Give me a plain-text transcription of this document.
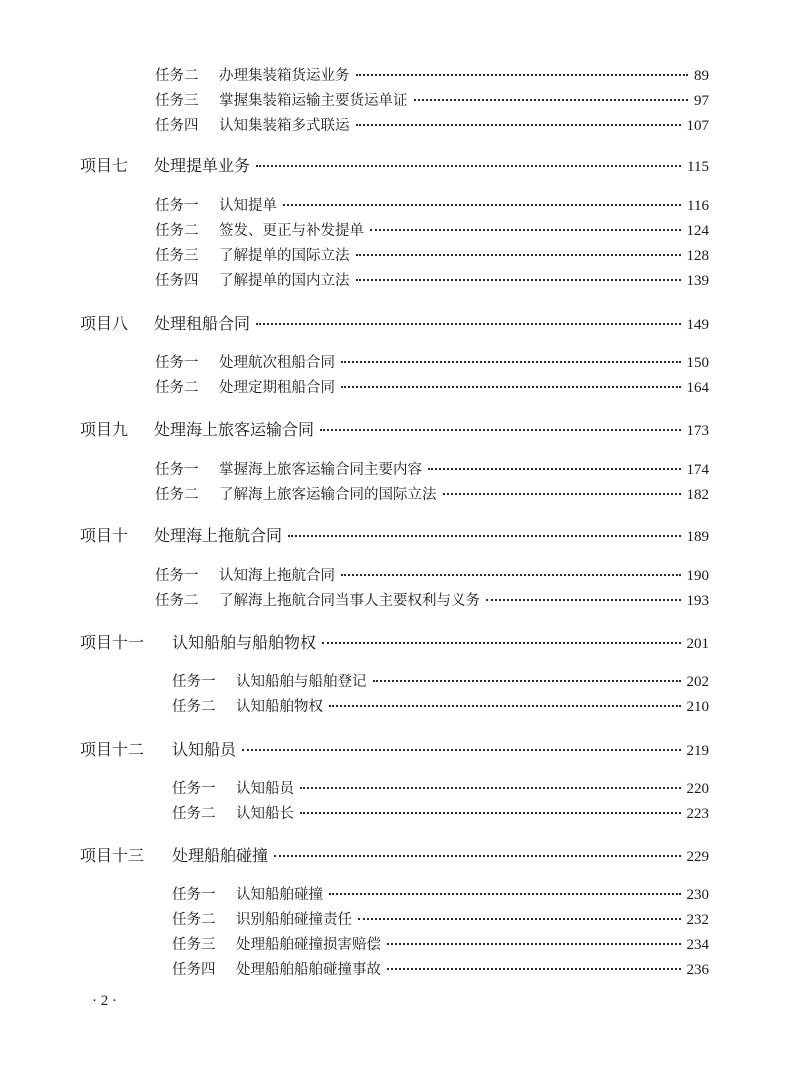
任务二	办理集装箱货运业务	89
任务三	掌握集装箱运输主要货运单证	97
任务四	认知集装箱多式联运	107
项目七	处理提单业务	115
任务一	认知提单	116
任务二	签发、更正与补发提单	124
任务三	了解提单的国际立法	128
任务四	了解提单的国内立法	139
项目八	处理租船合同	149
任务一	处理航次租船合同	150
任务二	处理定期租船合同	164
项目九	处理海上旅客运输合同	173
任务一	掌握海上旅客运输合同主要内容	174
任务二	了解海上旅客运输合同的国际立法	182
项目十	处理海上拖航合同	189
任务一	认知海上拖航合同	190
任务二	了解海上拖航合同当事人主要权利与义务	193
项目十一	认知船舶与船舶物权	201
任务一	认知船舶与船舶登记	202
任务二	认知船舶物权	210
项目十二	认知船员	219
任务一	认知船员	220
任务二	认知船长	223
项目十三	处理船舶碰撞	229
任务一	认知船舶碰撞	230
任务二	识别船舶碰撞责任	232
任务三	处理船舶碰撞损害赔偿	234
任务四	处理船舶船舶碰撞事故	236
· 2 ·
